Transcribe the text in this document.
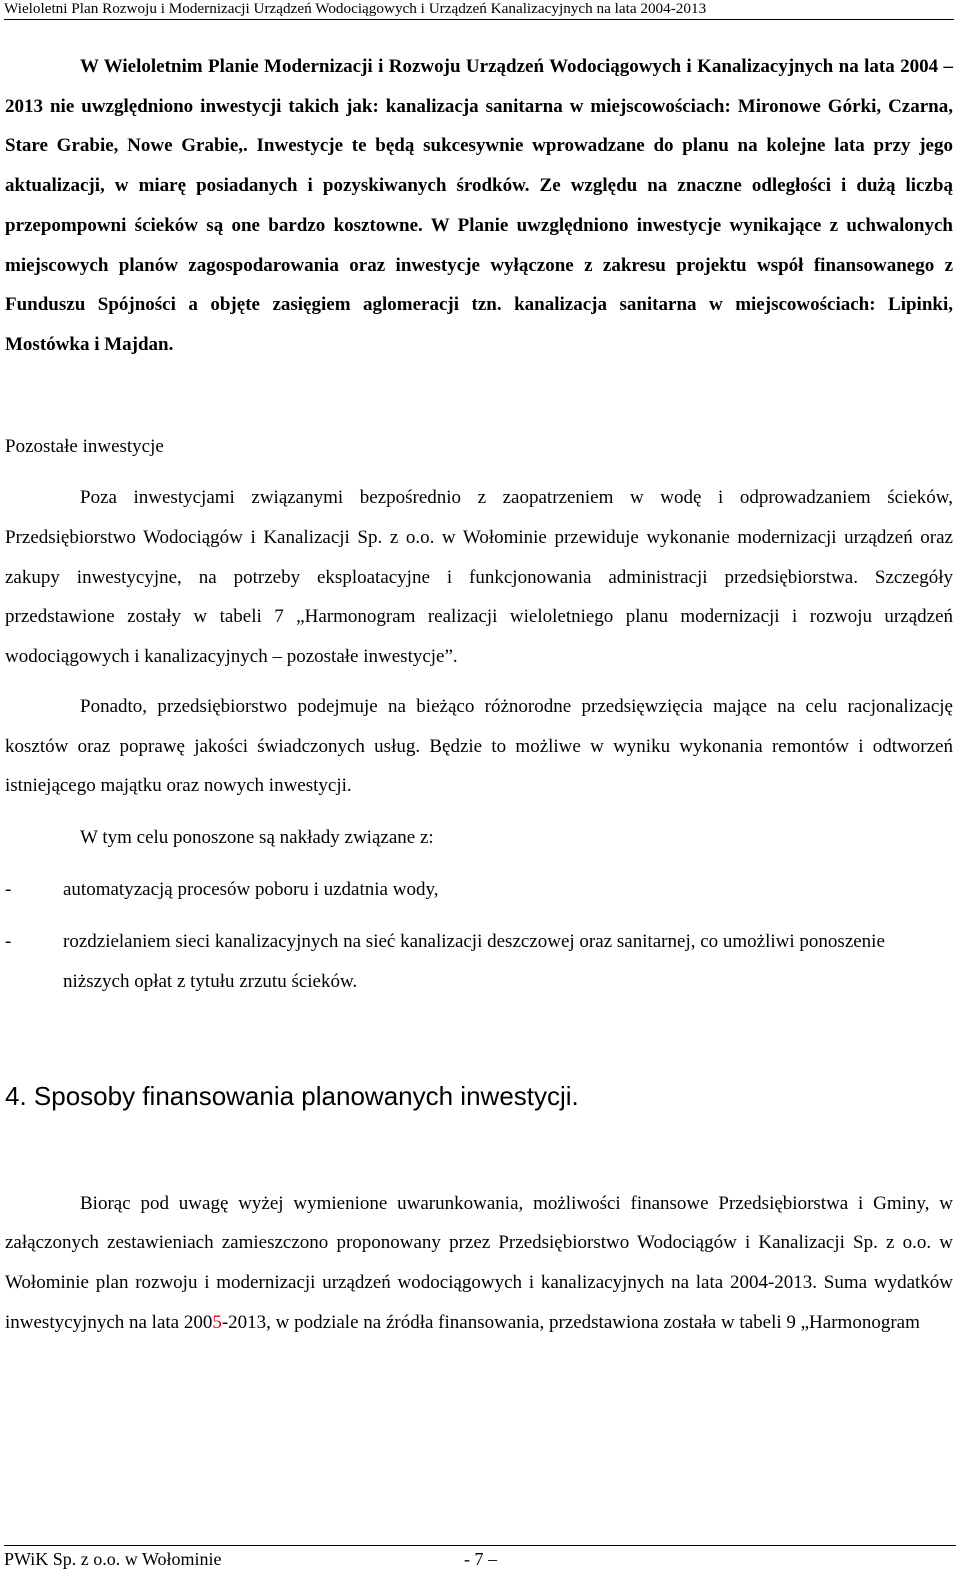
Wieloletni Plan Rozwoju i Modernizacji Urządzeń Wodociągowych i Urządzeń Kanalizacyjnych na lata 2004-2013

W Wieloletnim Planie Modernizacji i Rozwoju Urządzeń Wodociągowych i Kanalizacyjnych na lata 2004 – 2013 nie uwzględniono inwestycji takich jak: kanalizacja sanitarna w miejscowościach: Mironowe Górki, Czarna, Stare Grabie, Nowe Grabie,. Inwestycje te będą sukcesywnie wprowadzane do planu na kolejne lata przy jego aktualizacji, w miarę posiadanych i pozyskiwanych środków. Ze względu na znaczne odległości i dużą liczbą przepompowni ścieków są one bardzo kosztowne. W Planie uwzględniono inwestycje wynikające z uchwalonych miejscowych planów zagospodarowania oraz inwestycje wyłączone z zakresu projektu współ finansowanego z Funduszu Spójności a objęte zasięgiem aglomeracji tzn. kanalizacja sanitarna w miejscowościach: Lipinki, Mostówka i Majdan.

Pozostałe inwestycje

Poza inwestycjami związanymi bezpośrednio z zaopatrzeniem w wodę i odprowadzaniem ścieków, Przedsiębiorstwo Wodociągów i Kanalizacji Sp. z o.o. w Wołominie przewiduje wykonanie modernizacji urządzeń oraz zakupy inwestycyjne, na potrzeby eksploatacyjne i funkcjonowania administracji przedsiębiorstwa. Szczegóły przedstawione zostały w tabeli 7 „Harmonogram realizacji wieloletniego planu modernizacji i rozwoju urządzeń wodociągowych i kanalizacyjnych – pozostałe inwestycje”.

Ponadto, przedsiębiorstwo podejmuje na bieżąco różnorodne przedsięwzięcia mające na celu racjonalizację kosztów oraz poprawę jakości świadczonych usług. Będzie to możliwe w wyniku wykonania remontów i odtworzeń istniejącego majątku oraz nowych inwestycji.

W tym celu ponoszone są nakłady związane z:

-	automatyzacją procesów poboru i uzdatnia wody,
-	rozdzielaniem sieci kanalizacyjnych na sieć kanalizacji deszczowej oraz sanitarnej, co umożliwi ponoszenie niższych opłat z tytułu zrzutu ścieków.
4. Sposoby finansowania planowanych inwestycji.

Biorąc pod uwagę wyżej wymienione uwarunkowania, możliwości finansowe Przedsiębiorstwa i Gminy, w załączonych zestawieniach zamieszczono proponowany przez Przedsiębiorstwo Wodociągów i Kanalizacji Sp. z o.o. w Wołominie plan rozwoju i modernizacji urządzeń wodociągowych i kanalizacyjnych na lata 2004-2013. Suma wydatków inwestycyjnych na lata 2005-2013, w podziale na źródła finansowania, przedstawiona została w tabeli 9 „Harmonogram

PWiK Sp. z o.o. w Wołominie	- 7 –
